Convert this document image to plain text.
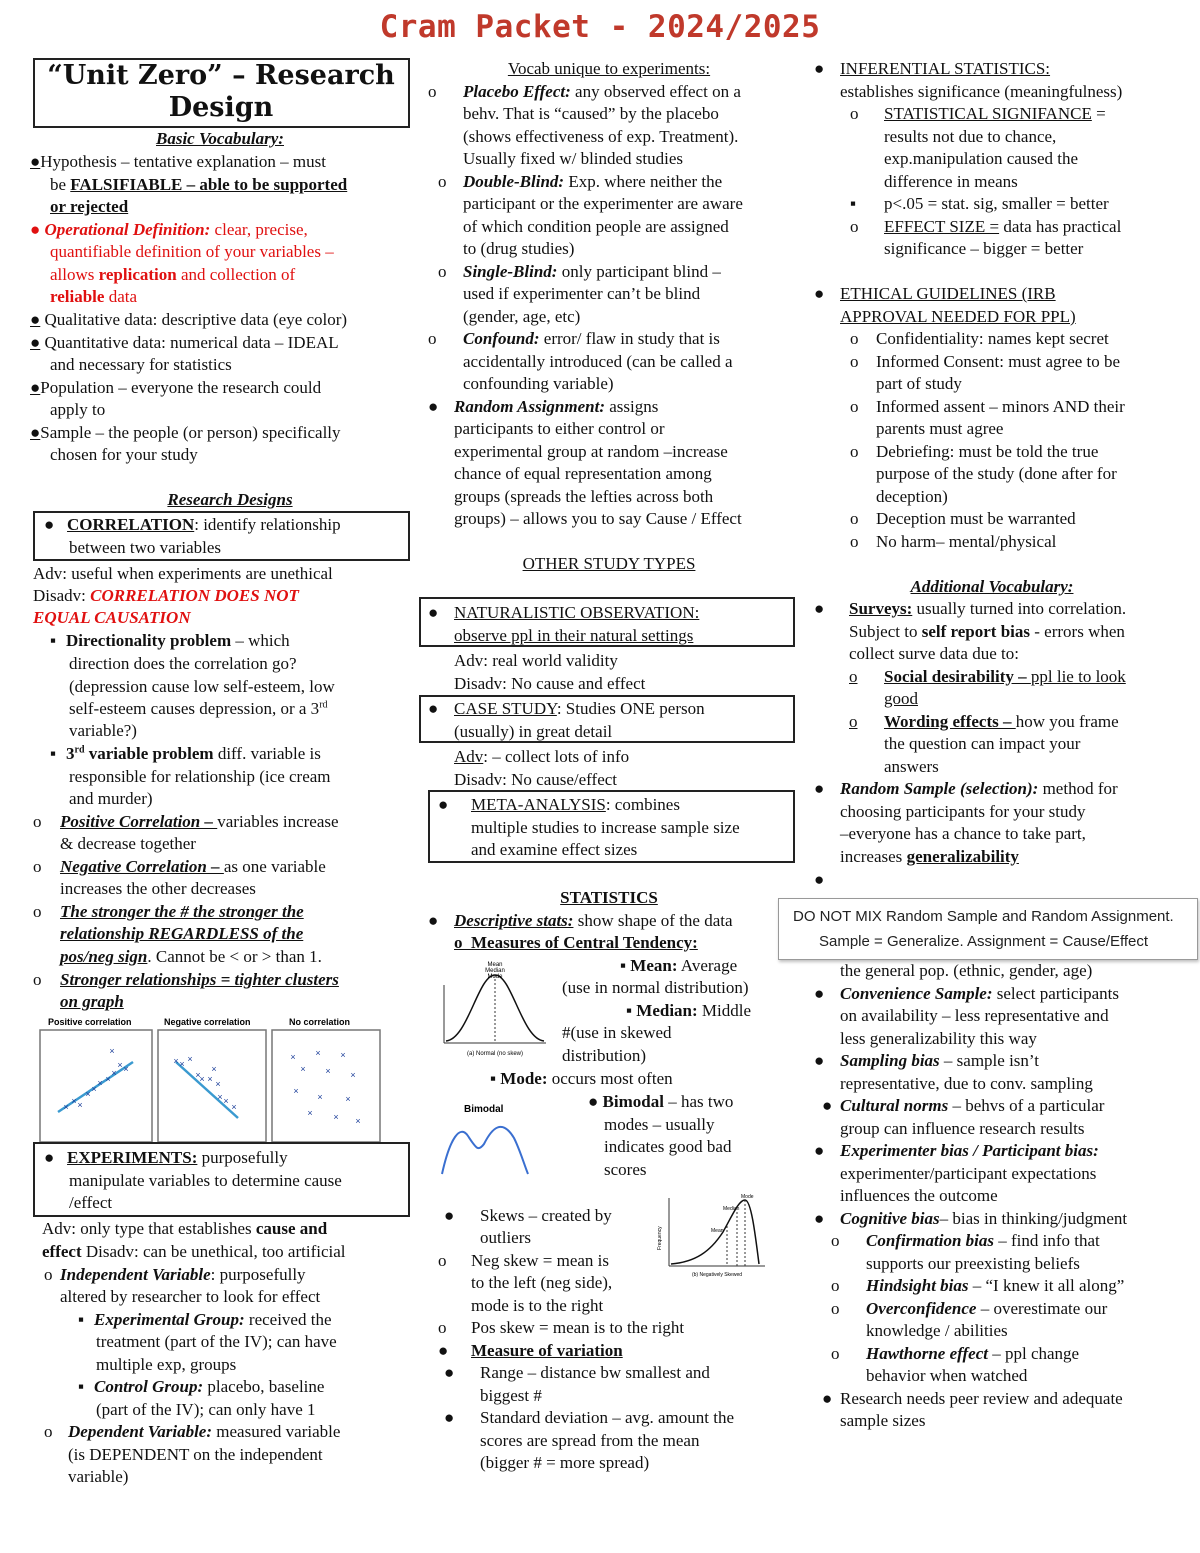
Cram Packet - 2024/2025
“Unit Zero” – Research Design
Basic Vocabulary:
●Hypothesis – tentative explanation – must
be FALSIFIABLE – able to be supported
or rejected
● Operational Definition: clear, precise,
quantifiable definition of your variables –
allows replication and collection of
reliable data
● Qualitative data: descriptive data (eye color)
● Quantitative data: numerical data – IDEAL
and necessary for statistics
●Population – everyone the research could
apply to
●Sample – the people (or person) specifically
chosen for your study
Research Designs
●   CORRELATION: identify relationship
between two variables
Adv: useful when experiments are unethical
Disadv: CORRELATION DOES NOT
EQUAL CAUSATION
▪ Directionality problem – which
direction does the correlation go?
(depression cause low self-esteem, low
self-esteem causes depression, or a 3rd
variable?)
▪ 3rd variable problem diff. variable is
responsible for relationship (ice cream
and murder)
o Positive Correlation – variables increase
& decrease together
o Negative Correlation – as one variable
increases the other decreases
o The stronger the # the stronger the
relationship REGARDLESS of the
pos/neg sign. Cannot be < or > than 1.
o Stronger relationships = tighter clusters
on graph
Positive correlation	Negative correlation	No correlation
×
× ×
× ×
× ×
×
× ×
×
× × ×
×
× × ×
× ×
×
×
× × ×
× × ×
×
×	×
× × ×
●   EXPERIMENTS: purposefully
manipulate variables to determine cause
/effect
Adv: only type that establishes cause and
effect Disadv: can be unethical, too artificial
o Independent Variable: purposefully
altered by researcher to look for effect
▪ Experimental Group: received the
treatment (part of the IV); can have
multiple exp, groups
▪ Control Group: placebo, baseline
(part of the IV); can only have 1
o Dependent Variable: measured variable
(is DEPENDENT on the independent
variable)
Vocab unique to experiments:
o Placebo Effect: any observed effect on a
behv. That is “caused” by the placebo
(shows effectiveness of exp. Treatment).
Usually fixed w/ blinded studies
o Double-Blind: Exp. where neither the
participant or the experimenter are aware
of which condition people are assigned
to (drug studies)
o Single-Blind: only participant blind –
used if experimenter can’t be blind
(gender, age, etc)
o Confound: error/ flaw in study that is
accidentally introduced (can be called a
confounding variable)
● Random Assignment: assigns
participants to either control or
experimental group at random –increase
chance of equal representation among
groups (spreads the lefties across both
groups) – allows you to say Cause / Effect
OTHER STUDY TYPES
● NATURALISTIC OBSERVATION:
observe ppl in their natural settings
Adv: real world validity
Disadv: No cause and effect
● CASE STUDY: Studies ONE person
(usually) in great detail
Adv: – collect lots of info
Disadv: No cause/effect
● META-ANALYSIS: combines
multiple studies to increase sample size
and examine effect sizes
STATISTICS
● Descriptive stats: show shape of the data
o  Measures of Central Tendency:
Mean
Median
Mode
(a) Normal (no skew)
▪ Mean: Average
(use in normal distribution)
▪ Median: Middle
#(use in skewed
distribution)
▪ Mode: occurs most often
Bimodal	● Bimodal – has two
modes – usually
indicates good bad
scores
Frequency
Mode
Median
Mean
(b) Negatively Skewed
● Skews – created by
outliers
o Neg skew = mean is
to the left (neg side),
mode is to the right
o Pos skew = mean is to the right
● Measure of variation
● Range – distance bw smallest and
biggest #
● Standard deviation – avg. amount the
scores are spread from the mean
(bigger # = more spread)
● INFERENTIAL STATISTICS:
establishes significance (meaningfulness)
o STATISTICAL SIGNIFANCE =
results not due to chance,
exp.manipulation caused the
difference in means
▪ p<.05 = stat. sig, smaller = better
o EFFECT SIZE = data has practical
significance – bigger = better
● ETHICAL GUIDELINES (IRB
APPROVAL NEEDED FOR PPL)
o Confidentiality: names kept secret
o Informed Consent: must agree to be
part of study
o Informed assent – minors AND their
parents must agree
o Debriefing: must be told the true
purpose of the study (done after for
deception)
o Deception must be warranted
o No harm– mental/physical
Additional Vocabulary:
● Surveys: usually turned into correlation.
Subject to self report bias - errors when
collect surve data due to:
o Social desirability – ppl lie to look
good
o Wording effects – how you frame
the question can impact your
answers
● Random Sample (selection): method for
choosing participants for your study
–everyone has a chance to take part,
increases generalizability
●
DO NOT MIX Random Sample and Random Assignment.
Sample = Generalize. Assignment = Cause/Effect
the general pop. (ethnic, gender, age)
● Convenience Sample: select participants
on availability – less representative and
less generalizability this way
● Sampling bias – sample isn’t
representative, due to conv. sampling
● Cultural norms – behvs of a particular
group can influence research results
● Experimenter bias / Participant bias:
experimenter/participant expectations
influences the outcome
● Cognitive bias– bias in thinking/judgment
o Confirmation bias – find info that
supports our preexisting beliefs
o Hindsight bias – “I knew it all along”
o Overconfidence – overestimate our
knowledge / abilities
o Hawthorne effect – ppl change
behavior when watched
● Research needs peer review and adequate
sample sizes
